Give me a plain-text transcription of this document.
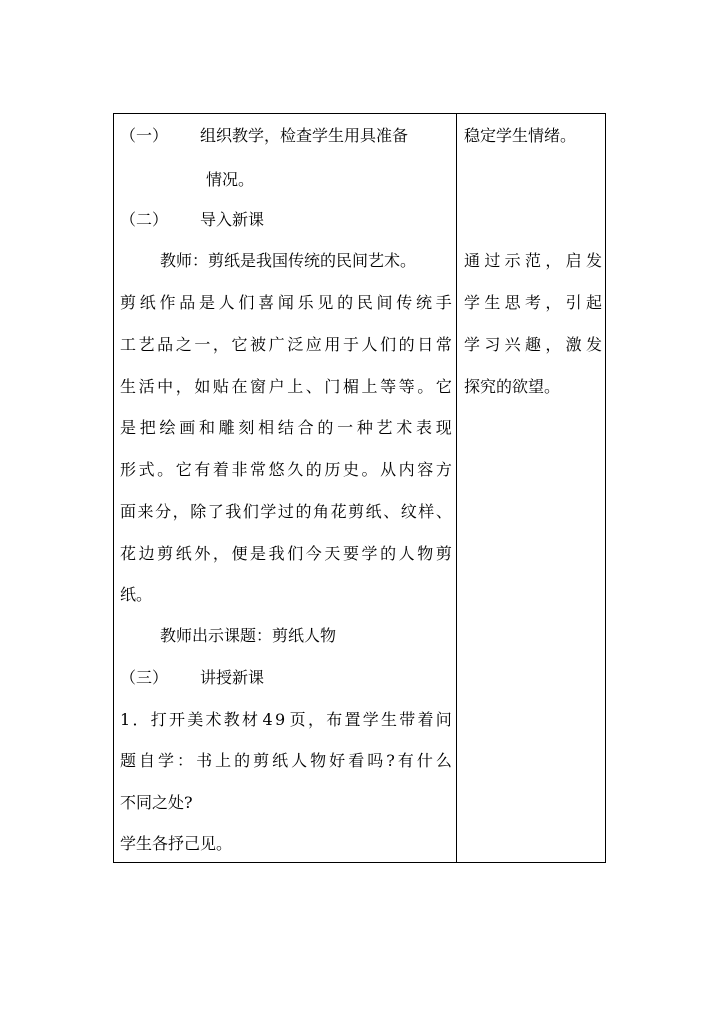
（一） 组织教学，检查学生用具准备
情况。
（二） 导入新课
教师：剪纸是我国传统的民间艺术。
剪 纸 作 品 是 人 们 喜 闻 乐 见 的 民 间 传 统 手
工 艺 品 之 一 ， 它 被 广 泛 应 用 于 人 们 的 日 常
生 活 中 ， 如 贴 在 窗 户 上 、 门 楣 上 等 等 。 它
是 把 绘 画 和 雕 刻 相 结 合 的 一 种 艺 术 表 现
形 式 。 它 有 着 非 常 悠 久 的 历 史 。 从 内 容 方
面 来 分 ， 除 了 我 们 学 过 的 角 花 剪 纸 、 纹 样 、
花 边 剪 纸 外 ， 便 是 我 们 今 天 要 学 的 人 物 剪
纸。
教师出示课题：剪纸人物
（三） 讲授新课
1 ． 打 开 美 术 教 材 4 9 页 ， 布 置 学 生 带 着 问
题 自 学 ： 书 上 的 剪 纸 人 物 好 看 吗 ? 有 什 么
不同之处?
学生各抒己见。
稳定学生情绪。
通 过 示 范 ， 启 发
学 生 思 考 ， 引 起
学 习 兴 趣 ， 激 发
探究的欲望。
